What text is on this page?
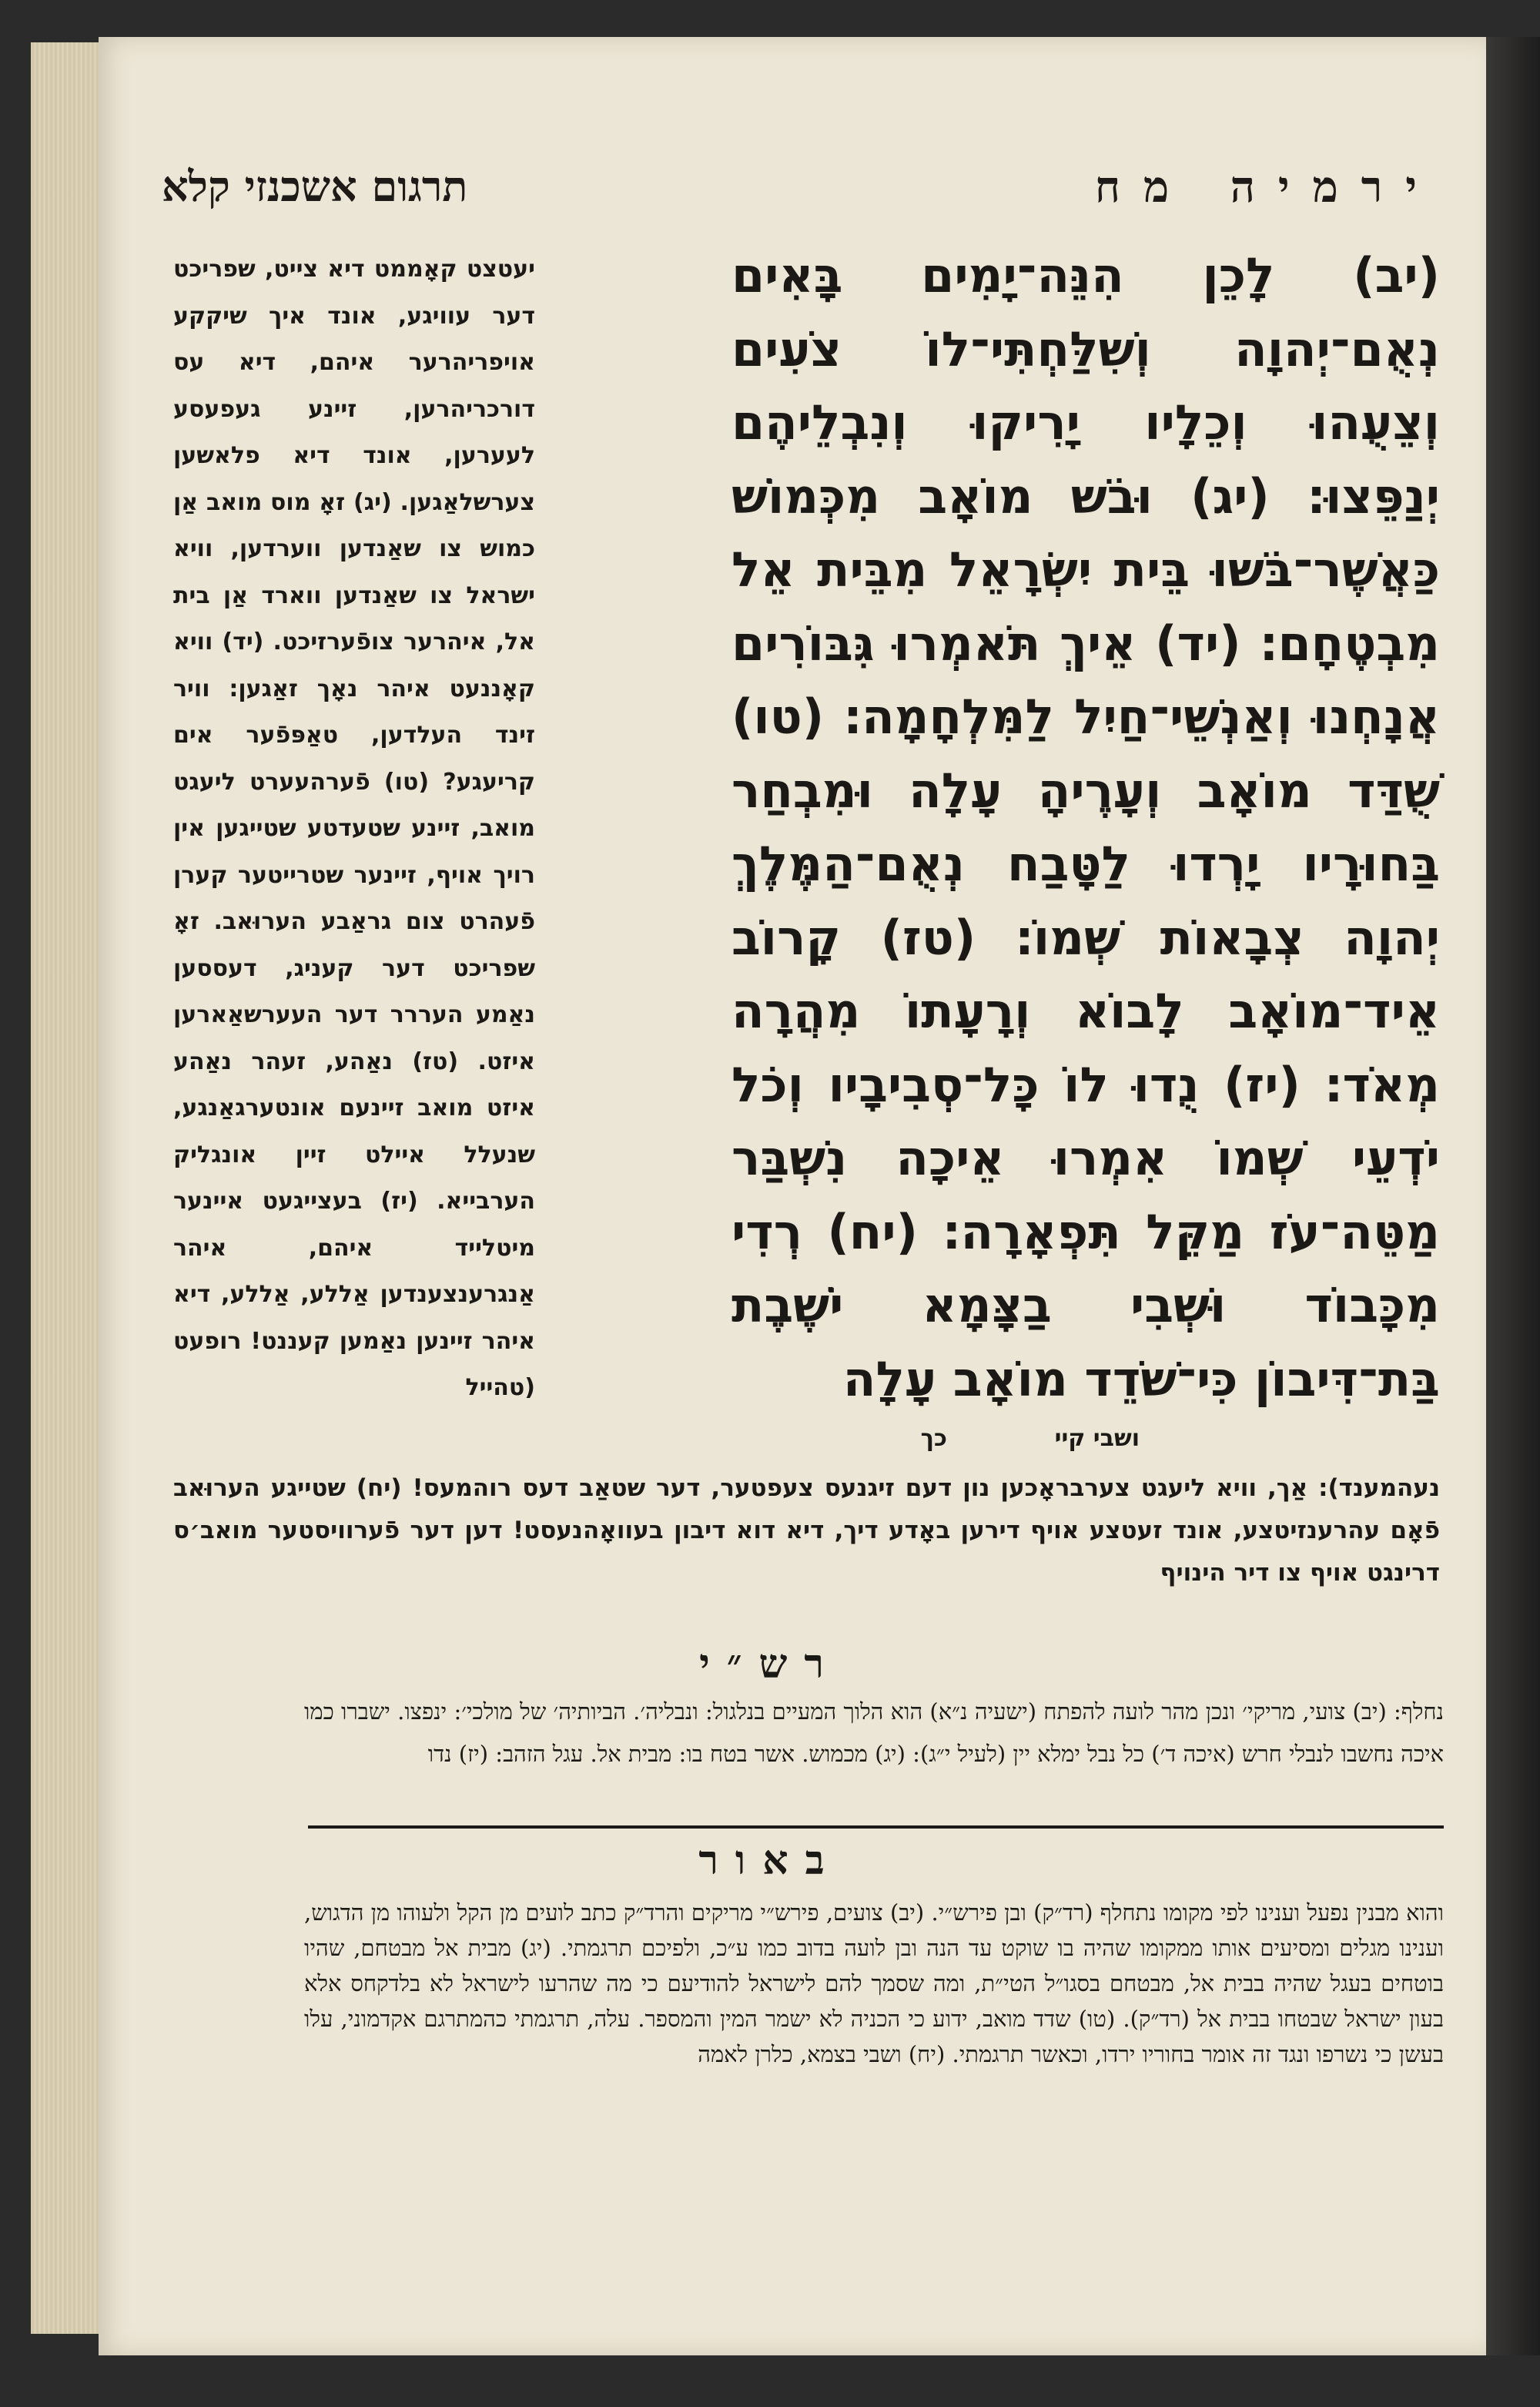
ירמיה מח
תרגום אשכנזי קלא
(יב) לָכֵן הִנֵּה־יָמִים בָּאִים נְאֻם־יְהוָה וְשִׁלַּחְתִּי־לוֹ צֹעִים וְצֵעֻהוּ וְכֵלָיו יָרִיקוּ וְנִבְלֵיהֶם יְנַפֵּצוּ׃ (יג) וּבֹשׁ מוֹאָב מִכְּמוֹשׁ כַּאֲשֶׁר־בֹּשׁוּ בֵּית יִשְׂרָאֵל מִבֵּית אֵל מִבְטֶחָם׃ (יד) אֵיךְ תֹּאמְרוּ גִּבּוֹרִים אֲנָחְנוּ וְאַנְשֵׁי־חַיִל לַמִּלְחָמָה׃ (טו) שֻׁדַּד מוֹאָב וְעָרֶיהָ עָלָה וּמִבְחַר בַּחוּרָיו יָרְדוּ לַטָּבַח נְאֻם־הַמֶּלֶךְ יְהוָה צְבָאוֹת שְׁמוֹ׃ (טז) קָרוֹב אֵיד־מוֹאָב לָבוֹא וְרָעָתוֹ מִהֲרָה מְאֹד׃ (יז) נֻדוּ לוֹ כָּל־סְבִיבָיו וְכֹל יֹדְעֵי שְׁמוֹ אִמְרוּ אֵיכָה נִשְׁבַּר מַטֵּה־עֹז מַקֵּל תִּפְאָרָה׃ (יח) רְדִי מִכָּבוֹד וּשְׁבִי בַצָּמָא יֹשֶׁבֶת בַּת־דִּיבוֹן כִּי־שֹׁדֵד מוֹאָב עָלָה
יעטצט קאָממט דיא צייט, שפריכט דער עוויגע, אונד איך שיקקע אויפריהרער איהם, דיא עס דורכריהרען, זיינע געפעסע לעערען, אונד דיא פלאשען צערשלאַגען. (יג) זאָ מוס מואב אַן כמוש צו שאַנדען ווערדען, וויא ישראל צו שאַנדען ווארד אַן בית אל, איהרער צופֿערזיכט. (יד) וויא קאָננעט איהר נאָך זאַגען: וויר זינד העלדען, טאַפּפֿער אים קריעגע? (טו) פֿערהעערט ליעגט מואב, זיינע שטעדטע שטייגען אין רויך אויף, זיינער שטרייטער קערן פֿעהרט צום גראַבע הערוּאב. זאָ שפריכט דער קעניג, דעססען נאַמע העררר דער העערשאַארען איזט. (טז) נאַהע, זעהר נאַהע איזט מואב זיינעם אונטערגאַנגע, שנעלל איילט זיין אונגליק הערבייא. (יז) בעצייגעט איינער מיטלייד איהם, איהר אַנגרענצענדען אַללע, אַללע, דיא איהר זיינען נאַמען קעננט! רופעט (טהייל
ושבי קיי
כך

נעהמענד): אַך, וויא ליעגט צערבראָכען נון דעם זיגנעס צעפטער, דער שטאַב דעס רוהמעס! (יח) שטייגע הערוּאב פֿאָם עהרענזיטצע, אונד זעטצע אויף דירען באָדע דיך, דיא דוא דיבון בעוואָהנעסט! דען דער פֿערוויסטער מואב׳ס דרינגט אויף צו דיר הינויף

רש״י

נחלף: (יב) צועי, מריקי׳ ונכן מהר לועה להפתח (ישעיה נ״א) הוא הלוך המעיים בנלגול: ונבליה׳. הביותיה׳ של מולכי׳: ינפצו. ישברו כמו איכה נחשבו לנבלי חרש (איכה ד׳) כל נבל ימלא יין (לעיל י״ג): (יג) מכמוש. אשר בטח בו: מבית אל. עגל הזהב: (יז) נדו

באור

והוא מבנין נפעל וענינו לפי מקומו נתחלף (רד״ק) ובן פירש״י. (יב) צועים, פירש״י מריקים והרד״ק כתב לועים מן הקל ולעוהו מן הדגוש, וענינו מגלים ומסיעים אותו ממקומו שהיה בו שוקט עד הנה ובן לועה בדוב כמו ע״כ, ולפיכם תרגמתי. (יג) מבית אל מבטחם, שהיו בוטחים בעגל שהיה בבית אל, מבטחם בסגו״ל הטי״ת, ומה שסמך להם לישראל להודיעם כי מה שהרעו לישראל לא בלדקחס אלא בעון ישראל שבטחו בבית אל (רד״ק). (טו) שדד מואב, ידוע כי הכניה לא ישמר המין והמספר. עלה, תרגמתי כהמתרגם אקדמוני, עלו בעשן כי נשרפו ונגד זה אומר בחוריו ירדו, וכאשר תרגמתי. (יח) ושבי בצמא, כלרן לאמה
